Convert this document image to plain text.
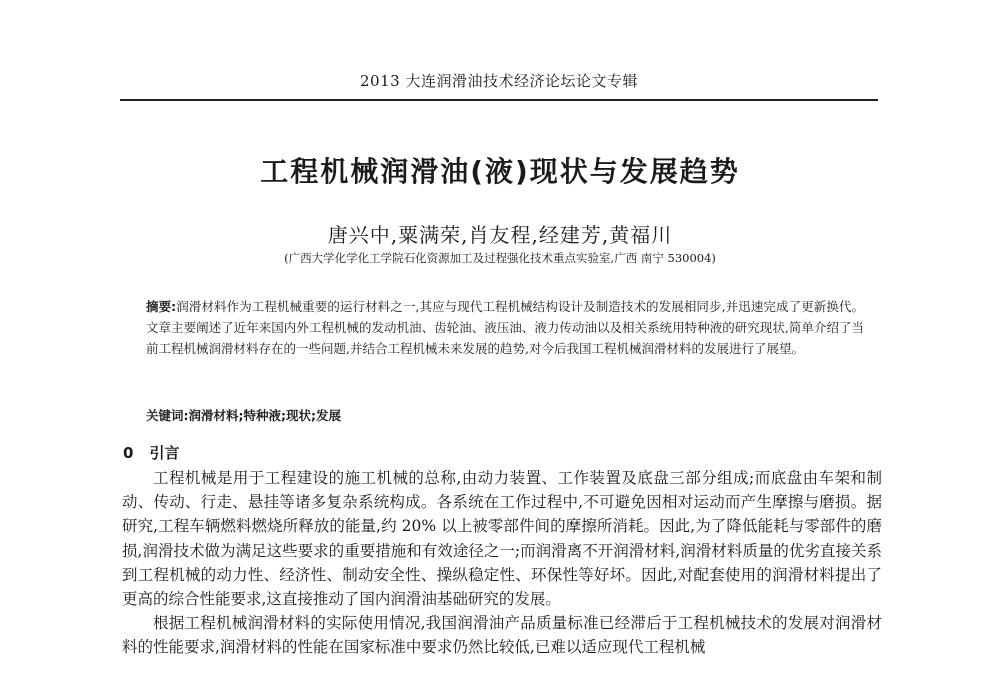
2013 大连润滑油技术经济论坛论文专辑
工程机械润滑油(液)现状与发展趋势
唐兴中,粟满荣,肖友程,经建芳,黄福川
(广西大学化学化工学院石化资源加工及过程强化技术重点实验室,广西 南宁 530004)
摘要:润滑材料作为工程机械重要的运行材料之一,其应与现代工程机械结构设计及制造技术的发展相同步,并迅速完成了更新换代。文章主要阐述了近年来国内外工程机械的发动机油、齿轮油、液压油、液力传动油以及相关系统用特种液的研究现状,简单介绍了当前工程机械润滑材料存在的一些问题,并结合工程机械未来发展的趋势,对今后我国工程机械润滑材料的发展进行了展望。
关键词:润滑材料;特种液;现状;发展
0 引言

工程机械是用于工程建设的施工机械的总称,由动力装置、工作装置及底盘三部分组成;而底盘由车架和制动、传动、行走、悬挂等诸多复杂系统构成。各系统在工作过程中,不可避免因相对运动而产生摩擦与磨损。据研究,工程车辆燃料燃烧所释放的能量,约 20% 以上被零部件间的摩擦所消耗。因此,为了降低能耗与零部件的磨损,润滑技术做为满足这些要求的重要措施和有效途径之一;而润滑离不开润滑材料,润滑材料质量的优劣直接关系到工程机械的动力性、经济性、制动安全性、操纵稳定性、环保性等好坏。因此,对配套使用的润滑材料提出了更高的综合性能要求,这直接推动了国内润滑油基础研究的发展。

根据工程机械润滑材料的实际使用情况,我国润滑油产品质量标准已经滞后于工程机械技术的发展对润滑材料的性能要求,润滑材料的性能在国家标准中要求仍然比较低,已难以适应现代工程机械
